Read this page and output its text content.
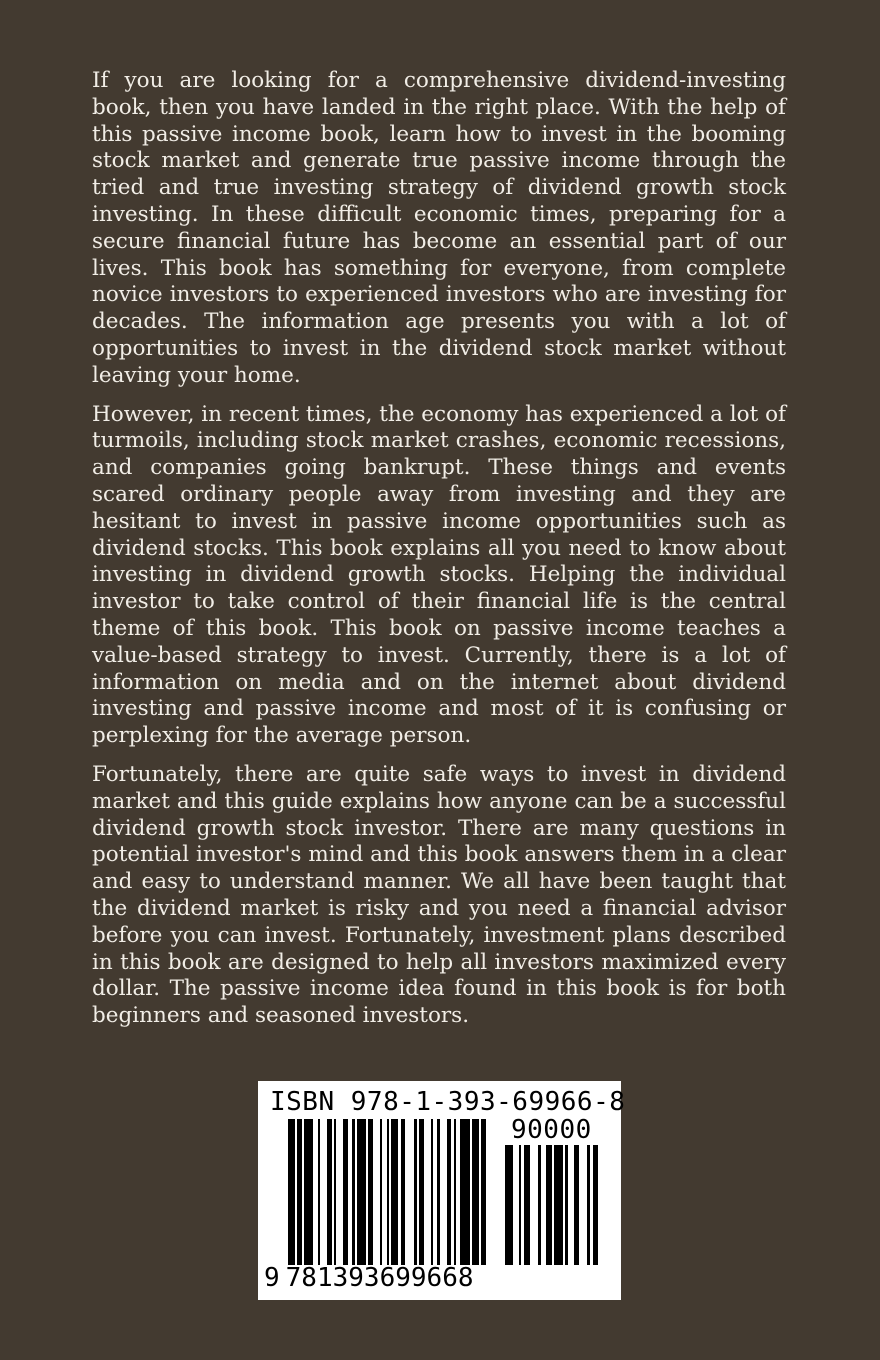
If you are looking for a comprehensive dividend-investing book, then you have landed in the right place. With the help of this passive income book, learn how to invest in the booming stock market and generate true passive income through the tried and true investing strategy of dividend growth stock investing. In these difficult economic times, preparing for a secure financial future has become an essential part of our lives. This book has something for everyone, from complete novice investors to experienced investors who are investing for decades. The information age presents you with a lot of opportunities to invest in the dividend stock market without leaving your home.

However, in recent times, the economy has experienced a lot of turmoils, including stock market crashes, economic recessions, and companies going bankrupt. These things and events scared ordinary people away from investing and they are hesitant to invest in passive income opportunities such as dividend stocks. This book explains all you need to know about investing in dividend growth stocks. Helping the individual investor to take control of their financial life is the central theme of this book. This book on passive income teaches a value-based strategy to invest. Currently, there is a lot of information on media and on the internet about dividend investing and passive income and most of it is confusing or perplexing for the average person.

Fortunately, there are quite safe ways to invest in dividend market and this guide explains how anyone can be a successful dividend growth stock investor. There are many questions in potential investor's mind and this book answers them in a clear and easy to understand manner. We all have been taught that the dividend market is risky and you need a financial advisor before you can invest. Fortunately, investment plans described in this book are designed to help all investors maximized every dollar. The passive income idea found in this book is for both beginners and seasoned investors.

ISBN 978-1-393-69966-8
90000
9 781393699668
